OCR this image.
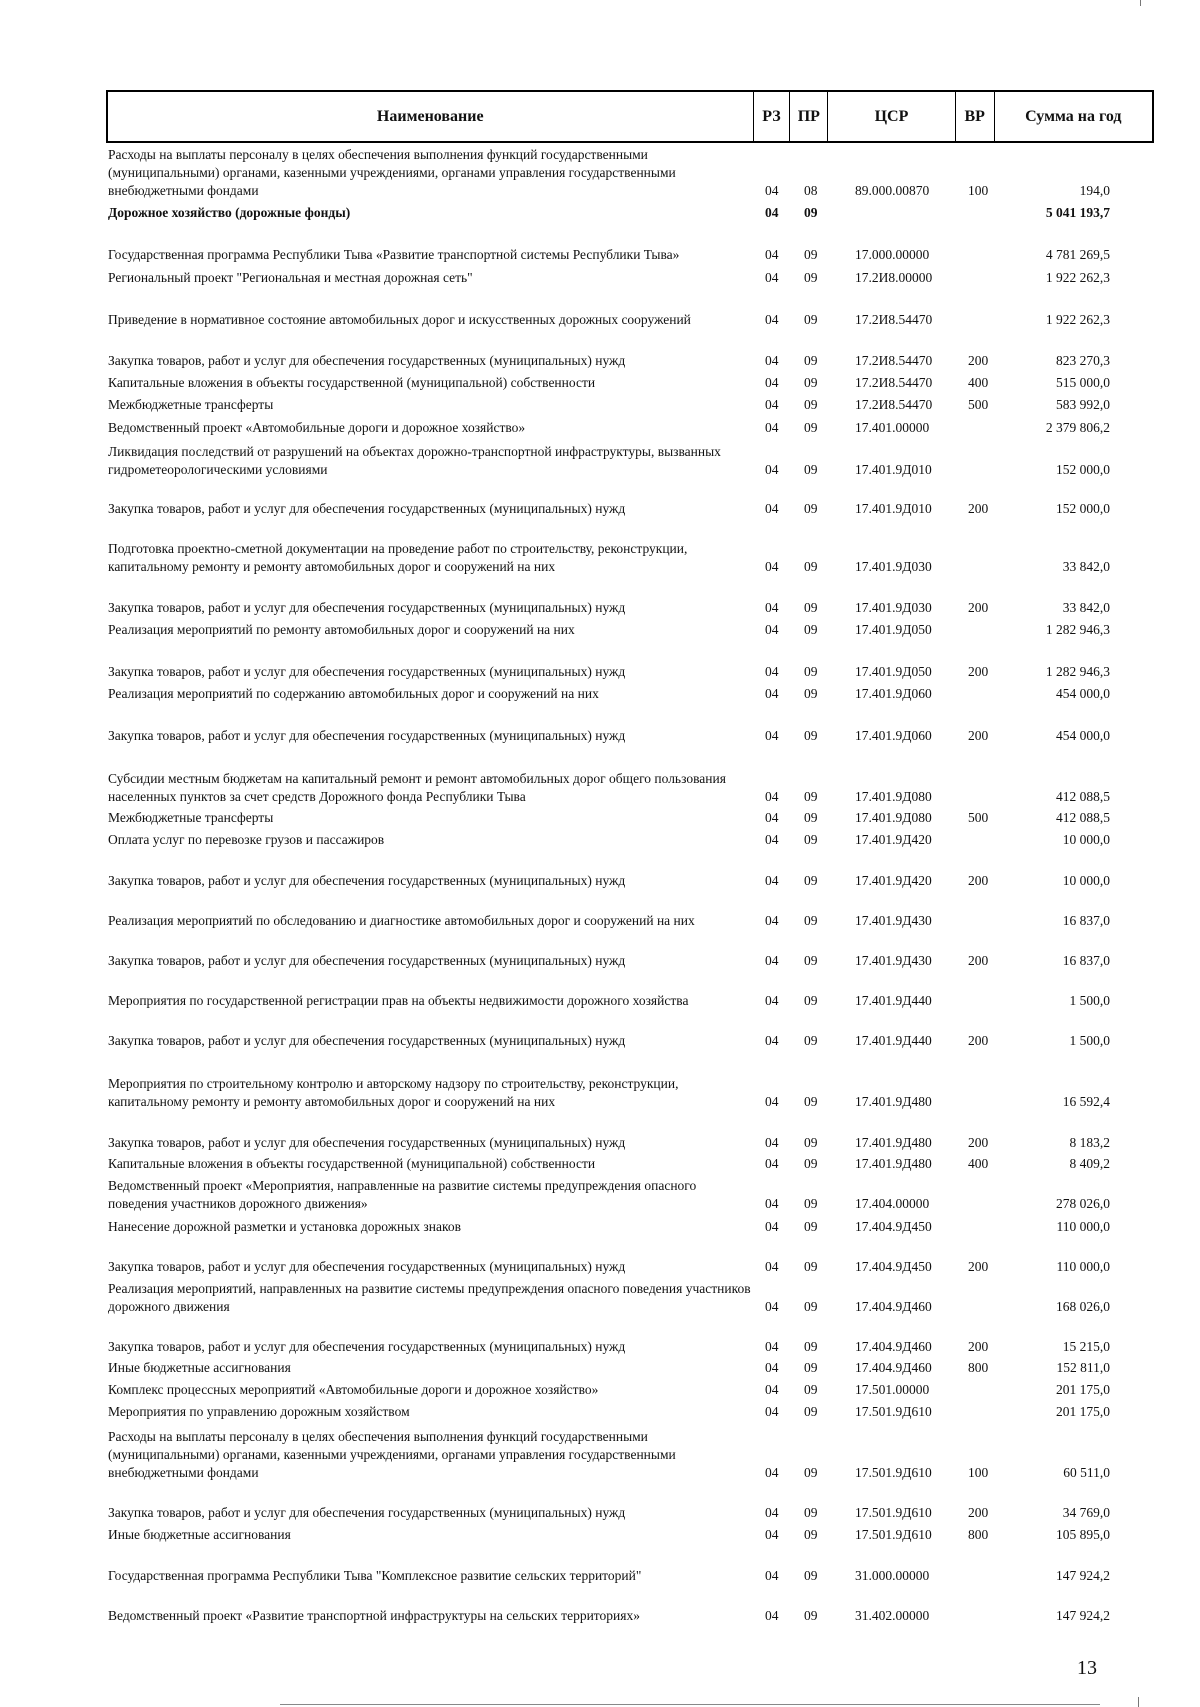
Наименование	РЗ	ПР	ЦСР	ВР	Сумма на год
Расходы на выплаты персоналу в целях обеспечения выполнения функций государственными (муниципальными) органами, казенными учреждениями, органами управления государственными внебюджетными фондами	04 08	89.000.00870	100	194,0
Дорожное хозяйство (дорожные фонды)	04 09	5 041 193,7
Государственная программа Республики Тыва «Развитие транспортной системы Республики Тыва»	04 09	17.000.00000	4 781 269,5
Региональный проект "Региональная и местная дорожная сеть"	04 09	17.2И8.00000	1 922 262,3
Приведение в нормативное состояние автомобильных дорог и искусственных дорожных сооружений	04 09	17.2И8.54470	1 922 262,3
Закупка товаров, работ и услуг для обеспечения государственных (муниципальных) нужд	04 09	17.2И8.54470	200	823 270,3
Капитальные вложения в объекты государственной (муниципальной) собственности	04 09	17.2И8.54470	400	515 000,0
Межбюджетные трансферты	04 09	17.2И8.54470	500	583 992,0
Ведомственный проект «Автомобильные дороги и дорожное хозяйство»	04 09	17.401.00000	2 379 806,2
Ликвидация последствий от разрушений на объектах дорожно-транспортной инфраструктуры, вызванных гидрометеорологическими условиями	04 09	17.401.9Д010	152 000,0
Закупка товаров, работ и услуг для обеспечения государственных (муниципальных) нужд	04 09	17.401.9Д010	200	152 000,0
Подготовка проектно-сметной документации на проведение работ по строительству, реконструкции, капитальному ремонту и ремонту автомобильных дорог и сооружений на них	04 09	17.401.9Д030	33 842,0
Закупка товаров, работ и услуг для обеспечения государственных (муниципальных) нужд	04 09	17.401.9Д030	200	33 842,0
Реализация мероприятий по ремонту автомобильных дорог и сооружений на них	04 09	17.401.9Д050	1 282 946,3
Закупка товаров, работ и услуг для обеспечения государственных (муниципальных) нужд	04 09	17.401.9Д050	200	1 282 946,3
Реализация мероприятий по содержанию автомобильных дорог и сооружений на них	04 09	17.401.9Д060	454 000,0
Закупка товаров, работ и услуг для обеспечения государственных (муниципальных) нужд	04 09	17.401.9Д060	200	454 000,0
Субсидии местным бюджетам на капитальный ремонт и ремонт автомобильных дорог общего пользования населенных пунктов за счет средств Дорожного фонда Республики Тыва	04 09	17.401.9Д080	412 088,5
Межбюджетные трансферты	04 09	17.401.9Д080	500	412 088,5
Оплата услуг по перевозке грузов и пассажиров	04 09	17.401.9Д420	10 000,0
Закупка товаров, работ и услуг для обеспечения государственных (муниципальных) нужд	04 09	17.401.9Д420	200	10 000,0
Реализация мероприятий по обследованию и диагностике автомобильных дорог и сооружений на них	04 09	17.401.9Д430	16 837,0
Закупка товаров, работ и услуг для обеспечения государственных (муниципальных) нужд	04 09	17.401.9Д430	200	16 837,0
Мероприятия по государственной регистрации прав на объекты недвижимости дорожного хозяйства	04 09	17.401.9Д440	1 500,0
Закупка товаров, работ и услуг для обеспечения государственных (муниципальных) нужд	04 09	17.401.9Д440	200	1 500,0
Мероприятия по строительному контролю и авторскому надзору по строительству, реконструкции, капитальному ремонту и ремонту автомобильных дорог и сооружений на них	04 09	17.401.9Д480	16 592,4
Закупка товаров, работ и услуг для обеспечения государственных (муниципальных) нужд	04 09	17.401.9Д480	200	8 183,2
Капитальные вложения в объекты государственной (муниципальной) собственности	04 09	17.401.9Д480	400	8 409,2
Ведомственный проект «Мероприятия, направленные на развитие системы предупреждения опасного поведения участников дорожного движения»	04 09	17.404.00000	278 026,0
Нанесение дорожной разметки и установка дорожных знаков	04 09	17.404.9Д450	110 000,0
Закупка товаров, работ и услуг для обеспечения государственных (муниципальных) нужд	04 09	17.404.9Д450	200	110 000,0
Реализация мероприятий, направленных на развитие системы предупреждения опасного поведения участников дорожного движения	04 09	17.404.9Д460	168 026,0
Закупка товаров, работ и услуг для обеспечения государственных (муниципальных) нужд	04 09	17.404.9Д460	200	15 215,0
Иные бюджетные ассигнования	04 09	17.404.9Д460	800	152 811,0
Комплекс процессных мероприятий «Автомобильные дороги и дорожное хозяйство»	04 09	17.501.00000	201 175,0
Мероприятия по управлению дорожным хозяйством	04 09	17.501.9Д610	201 175,0
Расходы на выплаты персоналу в целях обеспечения выполнения функций государственными (муниципальными) органами, казенными учреждениями, органами управления государственными внебюджетными фондами	04 09	17.501.9Д610	100	60 511,0
Закупка товаров, работ и услуг для обеспечения государственных (муниципальных) нужд	04 09	17.501.9Д610	200	34 769,0
Иные бюджетные ассигнования	04 09	17.501.9Д610	800	105 895,0
Государственная программа Республики Тыва "Комплексное развитие сельских территорий"	04 09	31.000.00000	147 924,2
Ведомственный проект «Развитие транспортной инфраструктуры на сельских территориях»	04 09	31.402.00000	147 924,2
13
